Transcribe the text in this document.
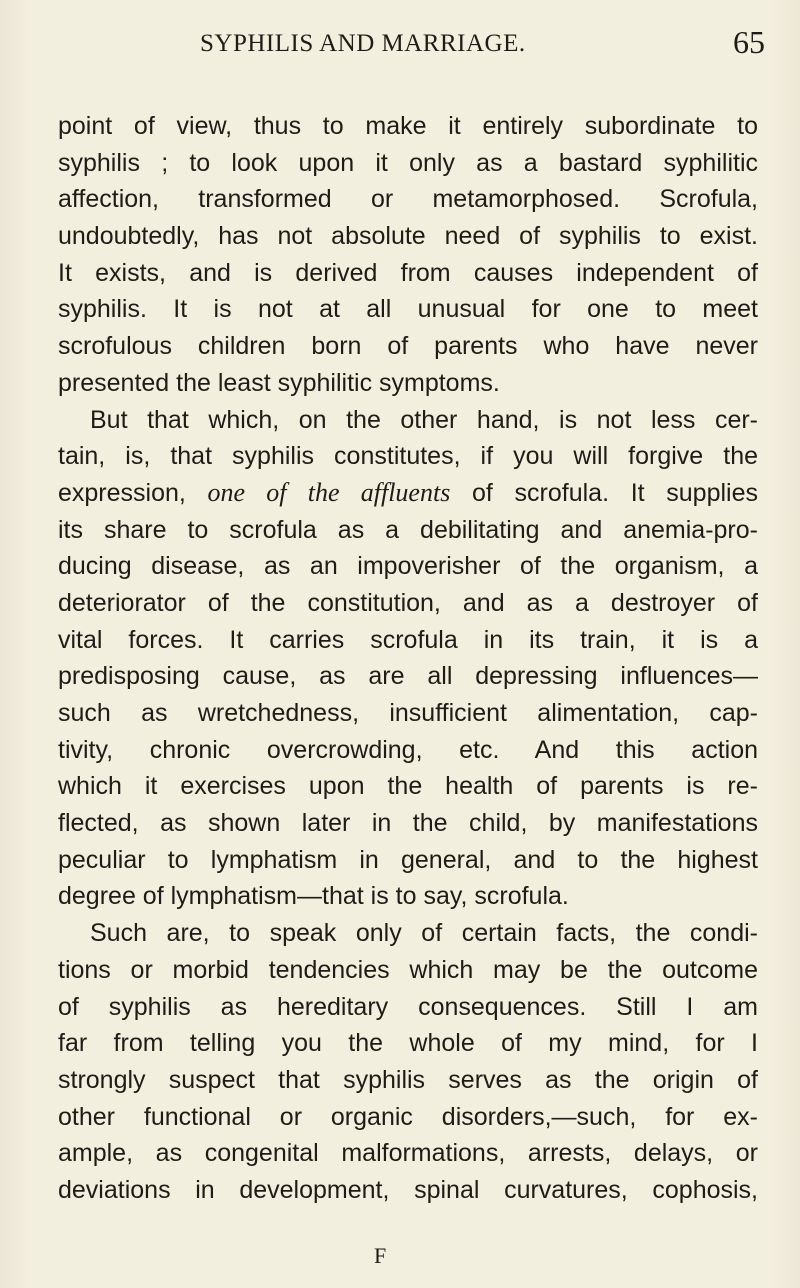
SYPHILIS AND MARRIAGE.	65
point of view, thus to make it entirely subordinate to
syphilis ; to look upon it only as a bastard syphilitic
affection, transformed or metamorphosed. Scrofula,
undoubtedly, has not absolute need of syphilis to exist.
It exists, and is derived from causes independent of
syphilis. It is not at all unusual for one to meet
scrofulous children born of parents who have never
presented the least syphilitic symptoms.
But that which, on the other hand, is not less cer-
tain, is, that syphilis constitutes, if you will forgive the
expression, one of the affluents of scrofula. It supplies
its share to scrofula as a debilitating and anemia-pro-
ducing disease, as an impoverisher of the organism, a
deteriorator of the constitution, and as a destroyer of
vital forces. It carries scrofula in its train, it is a
predisposing cause, as are all depressing influences—
such as wretchedness, insufficient alimentation, cap-
tivity, chronic overcrowding, etc. And this action
which it exercises upon the health of parents is re-
flected, as shown later in the child, by manifestations
peculiar to lymphatism in general, and to the highest
degree of lymphatism—that is to say, scrofula.
Such are, to speak only of certain facts, the condi-
tions or morbid tendencies which may be the outcome
of syphilis as hereditary consequences. Still I am
far from telling you the whole of my mind, for I
strongly suspect that syphilis serves as the origin of
other functional or organic disorders,—such, for ex-
ample, as congenital malformations, arrests, delays, or
deviations in development, spinal curvatures, cophosis,
F
